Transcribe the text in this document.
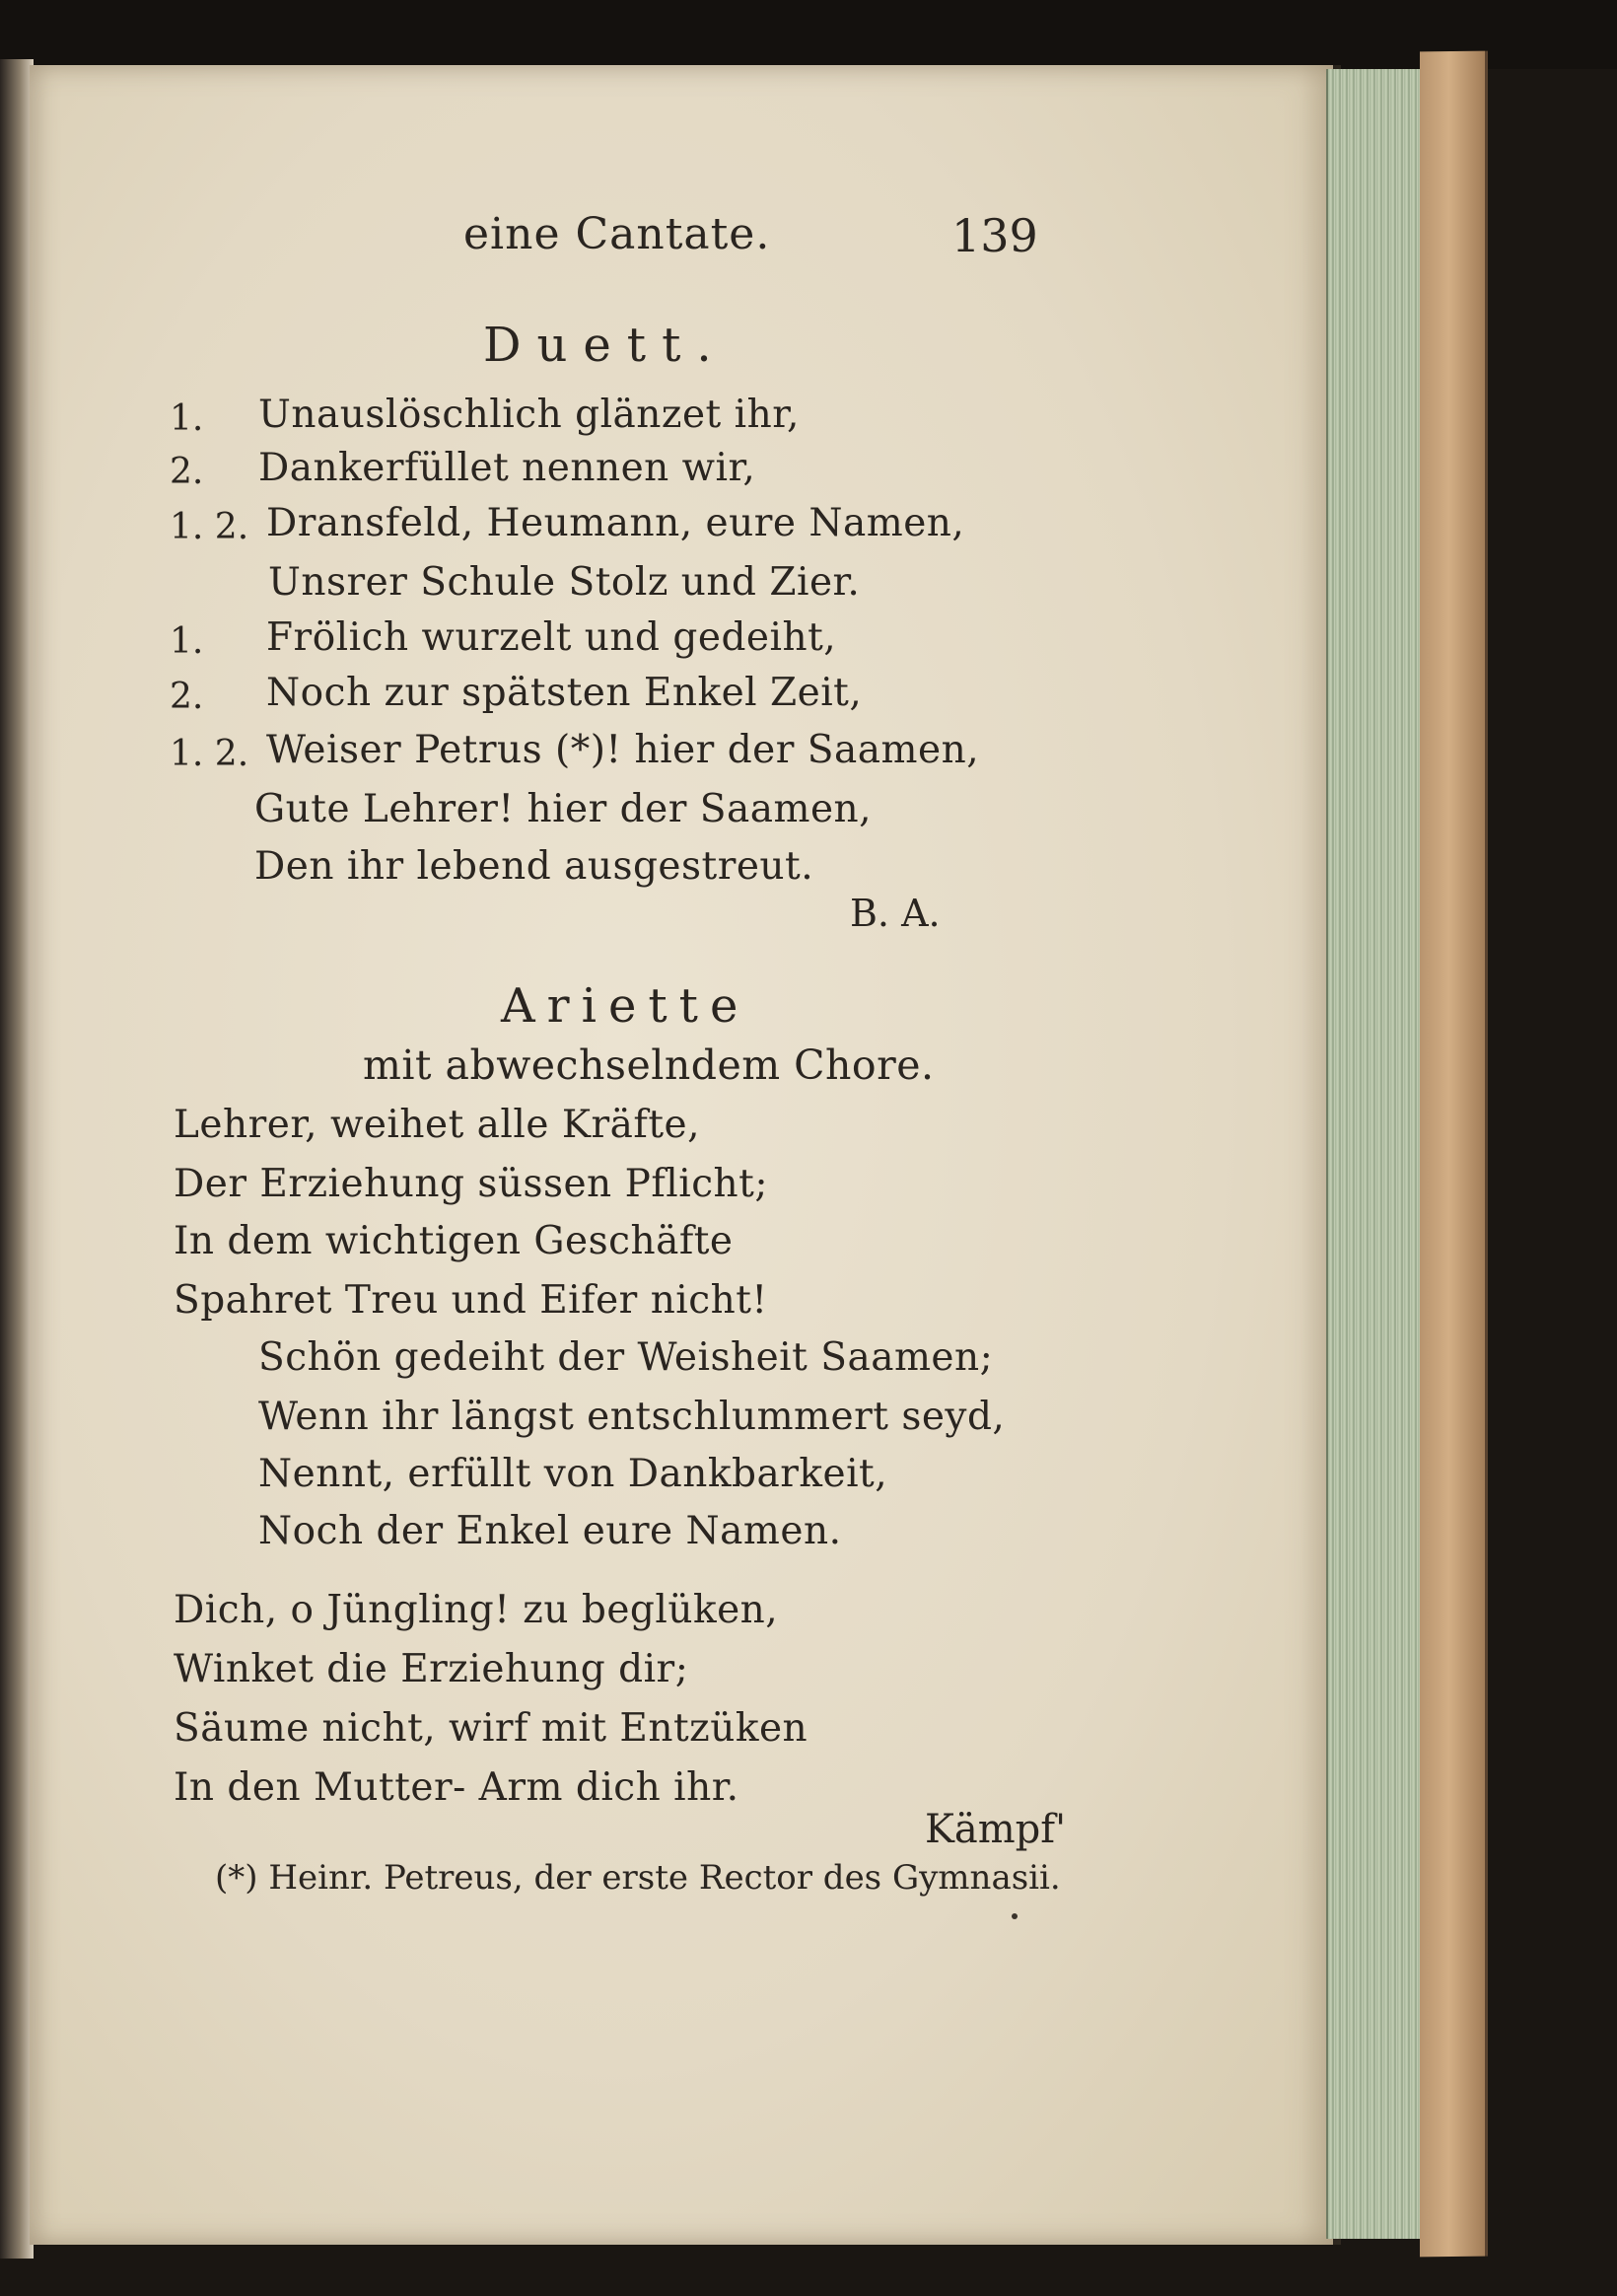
eine Cantate.	139
Duett.
1. Unauslöschlich glänzet ihr,
2. Dankerfüllet nennen wir,
1. 2. Dransfeld, Heumann, eure Namen,
Unsrer Schule Stolz und Zier.
1. Frölich wurzelt und gedeiht,
2. Noch zur spätsten Enkel Zeit,
1. 2. Weiser Petrus (*)! hier der Saamen,
Gute Lehrer! hier der Saamen,
Den ihr lebend ausgestreut.
B. A.
Ariette
mit abwechselndem Chore.
Lehrer, weihet alle Kräfte,
Der Erziehung süssen Pflicht;
In dem wichtigen Geschäfte
Spahret Treu und Eifer nicht!
Schön gedeiht der Weisheit Saamen;
Wenn ihr längst entschlummert seyd,
Nennt, erfüllt von Dankbarkeit,
Noch der Enkel eure Namen.
Dich, o Jüngling! zu beglüken,
Winket die Erziehung dir;
Säume nicht, wirf mit Entzüken
In den Mutter- Arm dich ihr.
Kämpf'
(*) Heinr. Petreus, der erste Rector des Gymnasii.
